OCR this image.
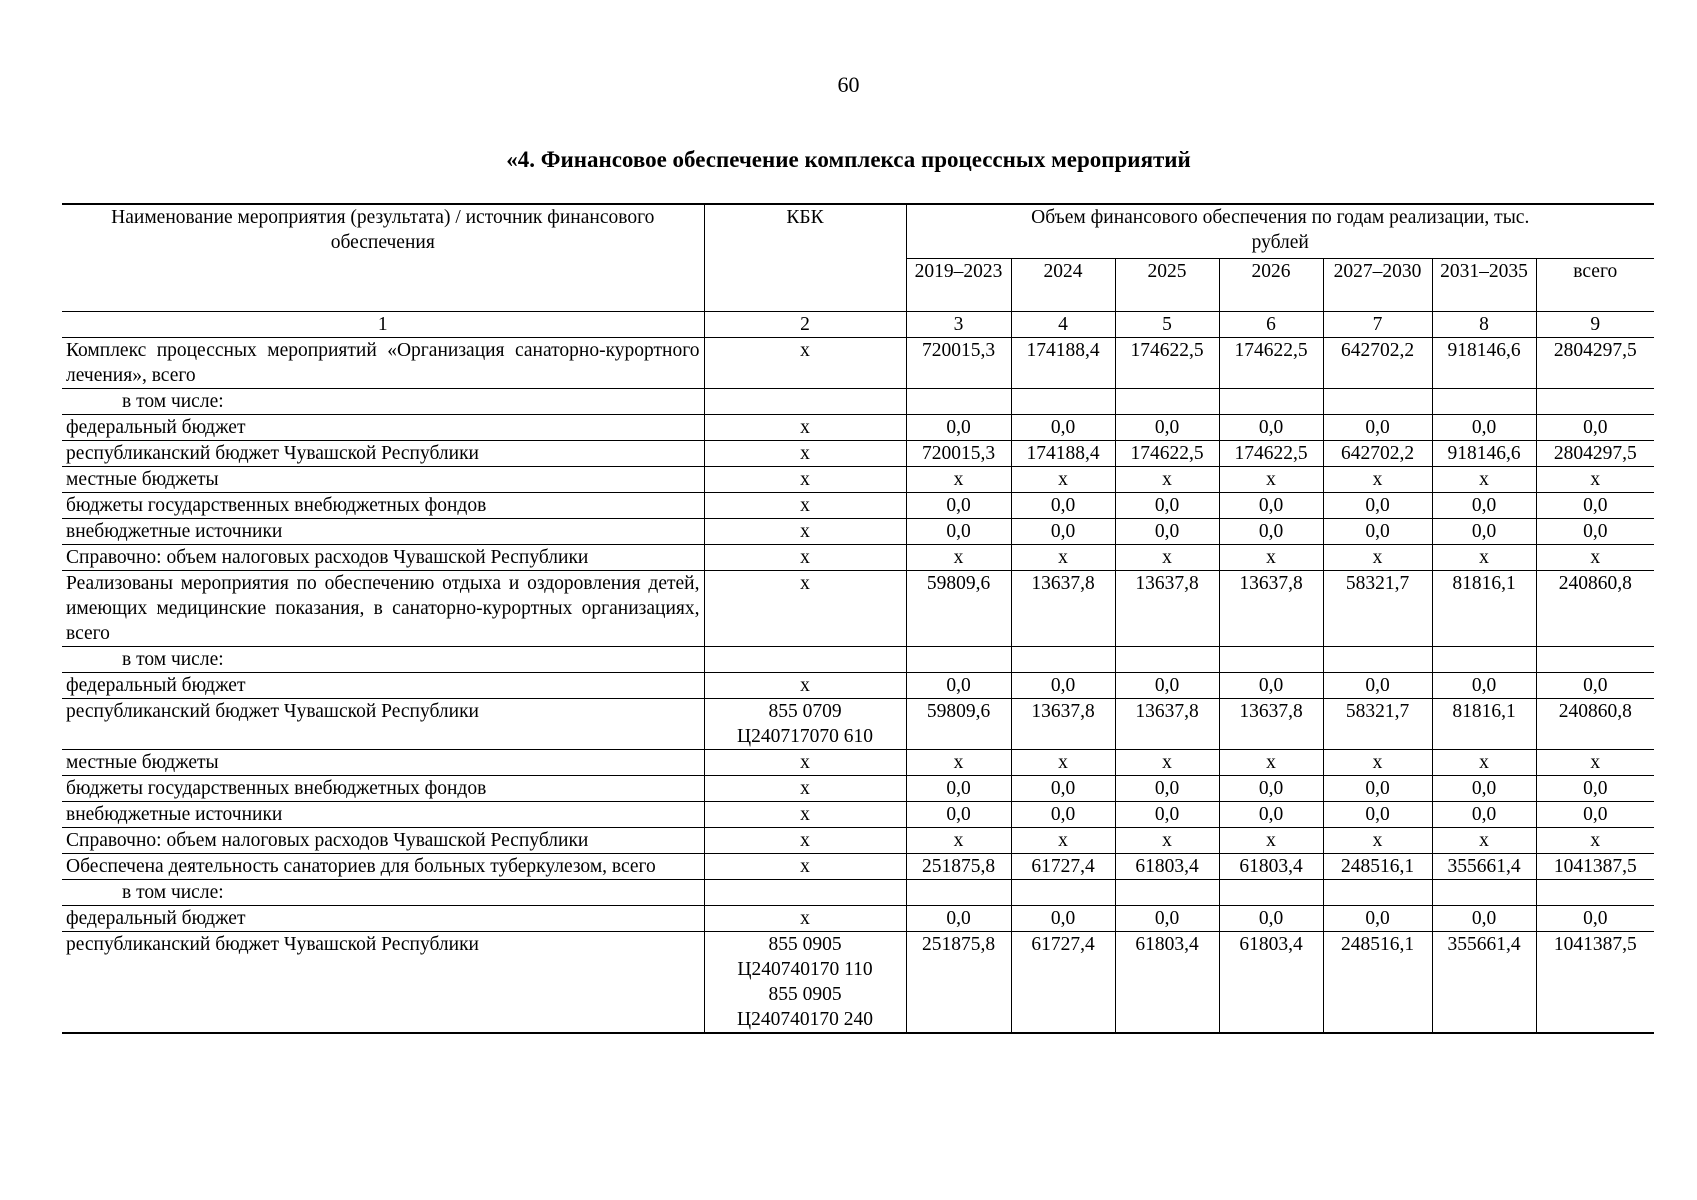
60
«4. Финансовое обеспечение комплекса процессных мероприятий
Наименование мероприятия (результата) / источник финансового обеспечения	КБК	Объем финансового обеспечения по годам реализации, тыс. рублей						
		2019–2023	2024	2025	2026	2027–2030	2031–2035	всего
1	2	3	4	5	6	7	8	9
Комплекс процессных мероприятий «Организация санаторно-курортного лечения», всего	х	720015,3	174188,4	174622,5	174622,5	642702,2	918146,6	2804297,5
в том числе:								
федеральный бюджет	х	0,0	0,0	0,0	0,0	0,0	0,0	0,0
республиканский бюджет Чувашской Республики	х	720015,3	174188,4	174622,5	174622,5	642702,2	918146,6	2804297,5
местные бюджеты	х	х	х	х	х	х	х	х
бюджеты государственных внебюджетных фондов	х	0,0	0,0	0,0	0,0	0,0	0,0	0,0
внебюджетные источники	х	0,0	0,0	0,0	0,0	0,0	0,0	0,0
Справочно: объем налоговых расходов Чувашской Республики	х	х	х	х	х	х	х	х
Реализованы мероприятия по обеспечению отдыха и оздоровления детей, имеющих медицинские показания, в санаторно-курортных организациях, всего	х	59809,6	13637,8	13637,8	13637,8	58321,7	81816,1	240860,8
в том числе:								
федеральный бюджет	х	0,0	0,0	0,0	0,0	0,0	0,0	0,0
республиканский бюджет Чувашской Республики	855 0709 Ц240717070 610	59809,6	13637,8	13637,8	13637,8	58321,7	81816,1	240860,8
местные бюджеты	х	х	х	х	х	х	х	х
бюджеты государственных внебюджетных фондов	х	0,0	0,0	0,0	0,0	0,0	0,0	0,0
внебюджетные источники	х	0,0	0,0	0,0	0,0	0,0	0,0	0,0
Справочно: объем налоговых расходов Чувашской Республики	х	х	х	х	х	х	х	х
Обеспечена деятельность санаториев для больных туберкулезом, всего	х	251875,8	61727,4	61803,4	61803,4	248516,1	355661,4	1041387,5
в том числе:								
федеральный бюджет	х	0,0	0,0	0,0	0,0	0,0	0,0	0,0
республиканский бюджет Чувашской Республики	855 0905 Ц240740170 110 855 0905 Ц240740170 240	251875,8	61727,4	61803,4	61803,4	248516,1	355661,4	1041387,5
